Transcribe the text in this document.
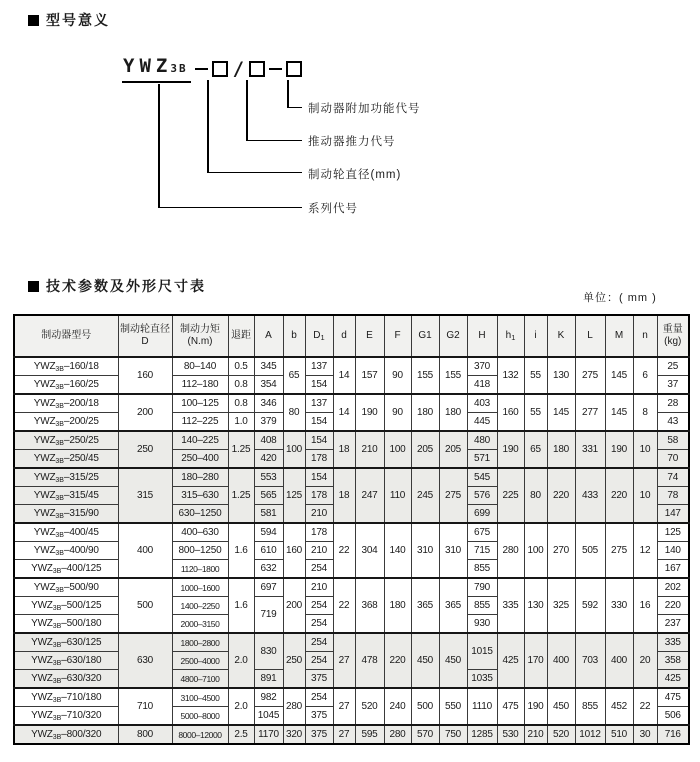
型号意义
YWZ
3B /
制动器附加功能代号
推动器推力代号
制动轮直径(mm)
系列代号
技术参数及外形尺寸表
单位：( mm )
制动器型号	制动轮直径
D	制动力矩
(N.m)	退距	A	b	$D_1$	d	E	F	G1	G2	H	$h_1$	i	K	L	M	n	重量
(kg)
$YWZ_{3B}-160/18$	160	80–140	0.5	345	65	137	14	157	90	155	155	370	132	55	130	275	145	6	25
$YWZ_{3B}-160/25$		112–180	0.8	354		154						418							37
$YWZ_{3B}-200/18$	200	100–125	0.8	346	80	137	14	190	90	180	180	403	160	55	145	277	145	8	28
$YWZ_{3B}-200/25$		112–225	1.0	379		154						445							43
$YWZ_{3B}-250/25$	250	140–225	1.25	408	100	154	18	210	100	205	205	480	190	65	180	331	190	10	58
$YWZ_{3B}-250/45$		250–400		420		178						571							70
$YWZ_{3B}-315/25$	315	180–280	1.25	553	125	154	18	247	110	245	275	545	225	80	220	433	220	10	74
$YWZ_{3B}-315/45$		315–630		565		178						576							78
$YWZ_{3B}-315/90$		630–1250		581		210						699							147
$YWZ_{3B}-400/45$	400	400–630	1.6	594	160	178	22	304	140	310	310	675	280	100	270	505	275	12	125
$YWZ_{3B}-400/90$		800–1250		610		210						715							140
$YWZ_{3B}-400/125$		1120–1800		632		254						855							167
$YWZ_{3B}-500/90$	500	1000–1600	1.6	697	200	210	22	368	180	365	365	790	335	130	325	592	330	16	202
$YWZ_{3B}-500/125$		1400–2250		719		254						855							220
$YWZ_{3B}-500/180$		2000–3150				254						930							237
$YWZ_{3B}-630/125$	630	1800–2800	2.0	830	250	254	27	478	220	450	450	1015	425	170	400	703	400	20	335
$YWZ_{3B}-630/180$		2500–4000				254													358
$YWZ_{3B}-630/320$		4800–7100		891		375						1035							425
$YWZ_{3B}-710/180$	710	3100–4500	2.0	982	280	254	27	520	240	500	550	1110	475	190	450	855	452	22	475
$YWZ_{3B}-710/320$		5000–8000		1045		375													506
$YWZ_{3B}-800/320$	800	8000–12000	2.5	1170	320	375	27	595	280	570	750	1285	530	210	520	1012	510	30	716
